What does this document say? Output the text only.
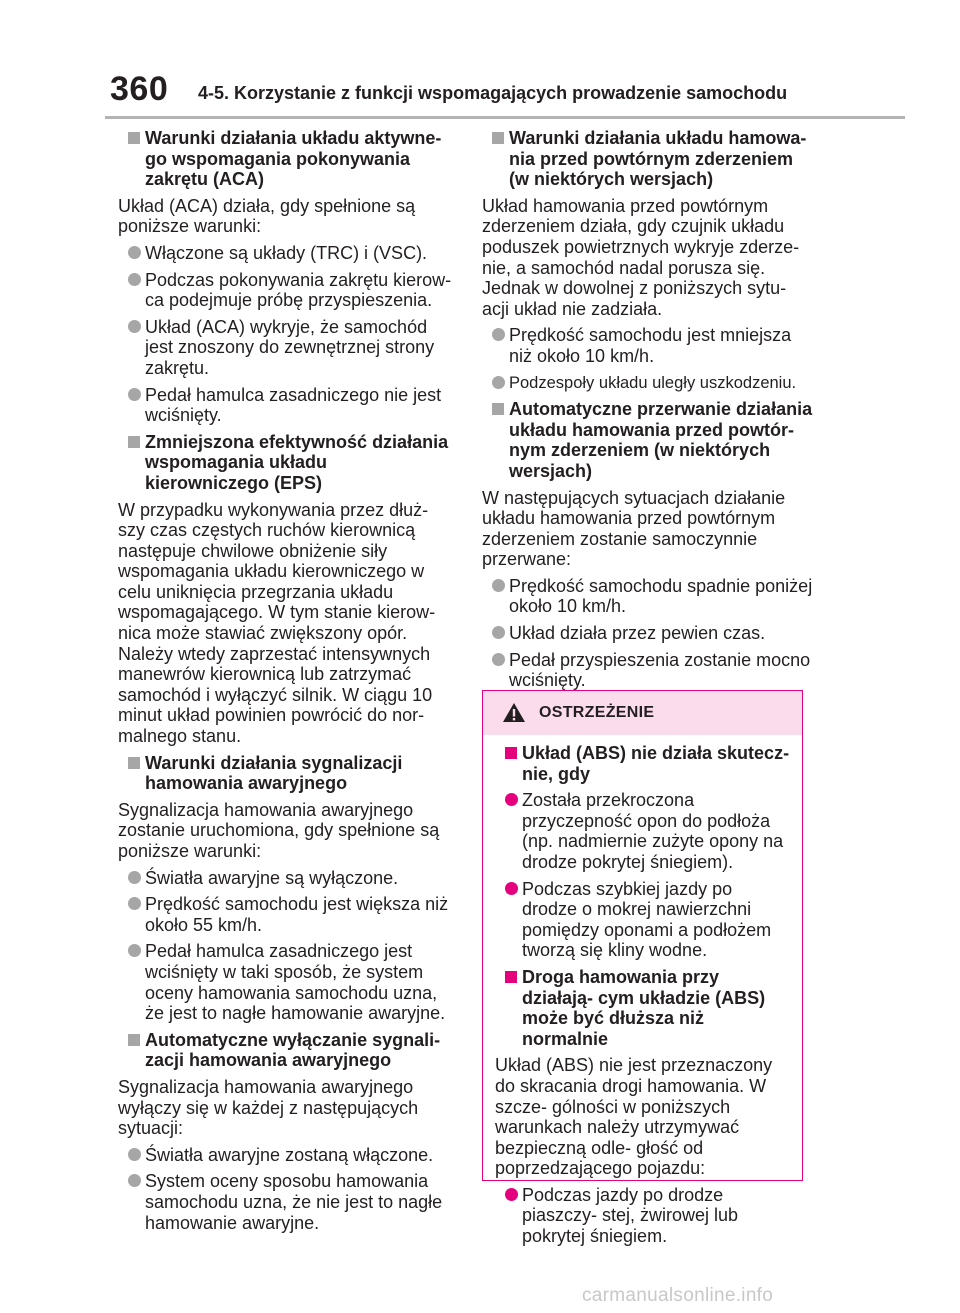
360 4-5. Korzystanie z funkcji wspomagających prowadzenie samochodu
Warunki działania układu aktywne- go wspomagania pokonywania zakrętu (ACA)
Układ (ACA) działa, gdy spełnione są poniższe warunki:
Włączone są układy (TRC) i (VSC).
Podczas pokonywania zakrętu kierow- ca podejmuje próbę przyspieszenia.
Układ (ACA) wykryje, że samochód jest znoszony do zewnętrznej strony zakrętu.
Pedał hamulca zasadniczego nie jest wciśnięty.
Zmniejszona efektywność działania wspomagania układu kierowniczego (EPS)
W przypadku wykonywania przez dłuż- szy czas częstych ruchów kierownicą następuje chwilowe obniżenie siły wspomagania układu kierowniczego w celu uniknięcia przegrzania układu wspomagającego. W tym stanie kierow- nica może stawiać zwiększony opór. Należy wtedy zaprzestać intensywnych manewrów kierownicą lub zatrzymać samochód i wyłączyć silnik. W ciągu 10 minut układ powinien powrócić do nor- malnego stanu.
Warunki działania sygnalizacji hamowania awaryjnego
Sygnalizacja hamowania awaryjnego zostanie uruchomiona, gdy spełnione są poniższe warunki:
Światła awaryjne są wyłączone.
Prędkość samochodu jest większa niż około 55 km/h.
Pedał hamulca zasadniczego jest wciśnięty w taki sposób, że system oceny hamowania samochodu uzna, że jest to nagłe hamowanie awaryjne.
Automatyczne wyłączanie sygnali- zacji hamowania awaryjnego
Sygnalizacja hamowania awaryjnego wyłączy się w każdej z następujących sytuacji:
Światła awaryjne zostaną włączone.
System oceny sposobu hamowania samochodu uzna, że nie jest to nagłe hamowanie awaryjne.
Warunki działania układu hamowa- nia przed powtórnym zderzeniem (w niektórych wersjach)
Układ hamowania przed powtórnym zderzeniem działa, gdy czujnik układu poduszek powietrznych wykryje zderze- nie, a samochód nadal porusza się. Jednak w dowolnej z poniższych sytu- acji układ nie zadziała.
Prędkość samochodu jest mniejsza niż około 10 km/h.
Podzespoły układu uległy uszkodzeniu.
Automatyczne przerwanie działania układu hamowania przed powtór- nym zderzeniem (w niektórych wersjach)
W następujących sytuacjach działanie układu hamowania przed powtórnym zderzeniem zostanie samoczynnie przerwane:
Prędkość samochodu spadnie poniżej około 10 km/h.
Układ działa przez pewien czas.
Pedał przyspieszenia zostanie mocno wciśnięty.
OSTRZEŻENIE
Układ (ABS) nie działa skutecz- nie, gdy
Została przekroczona przyczepność opon do podłoża (np. nadmiernie zużyte opony na drodze pokrytej śniegiem).
Podczas szybkiej jazdy po drodze o mokrej nawierzchni pomiędzy oponami a podłożem tworzą się kliny wodne.
Droga hamowania przy działają- cym układzie (ABS) może być dłuższa niż normalnie
Układ (ABS) nie jest przeznaczony do skracania drogi hamowania. W szcze- gólności w poniższych warunkach należy utrzymywać bezpieczną odle- głość od poprzedzającego pojazdu:
Podczas jazdy po drodze piaszczy- stej, żwirowej lub pokrytej śniegiem.
carmanualsonline.info
